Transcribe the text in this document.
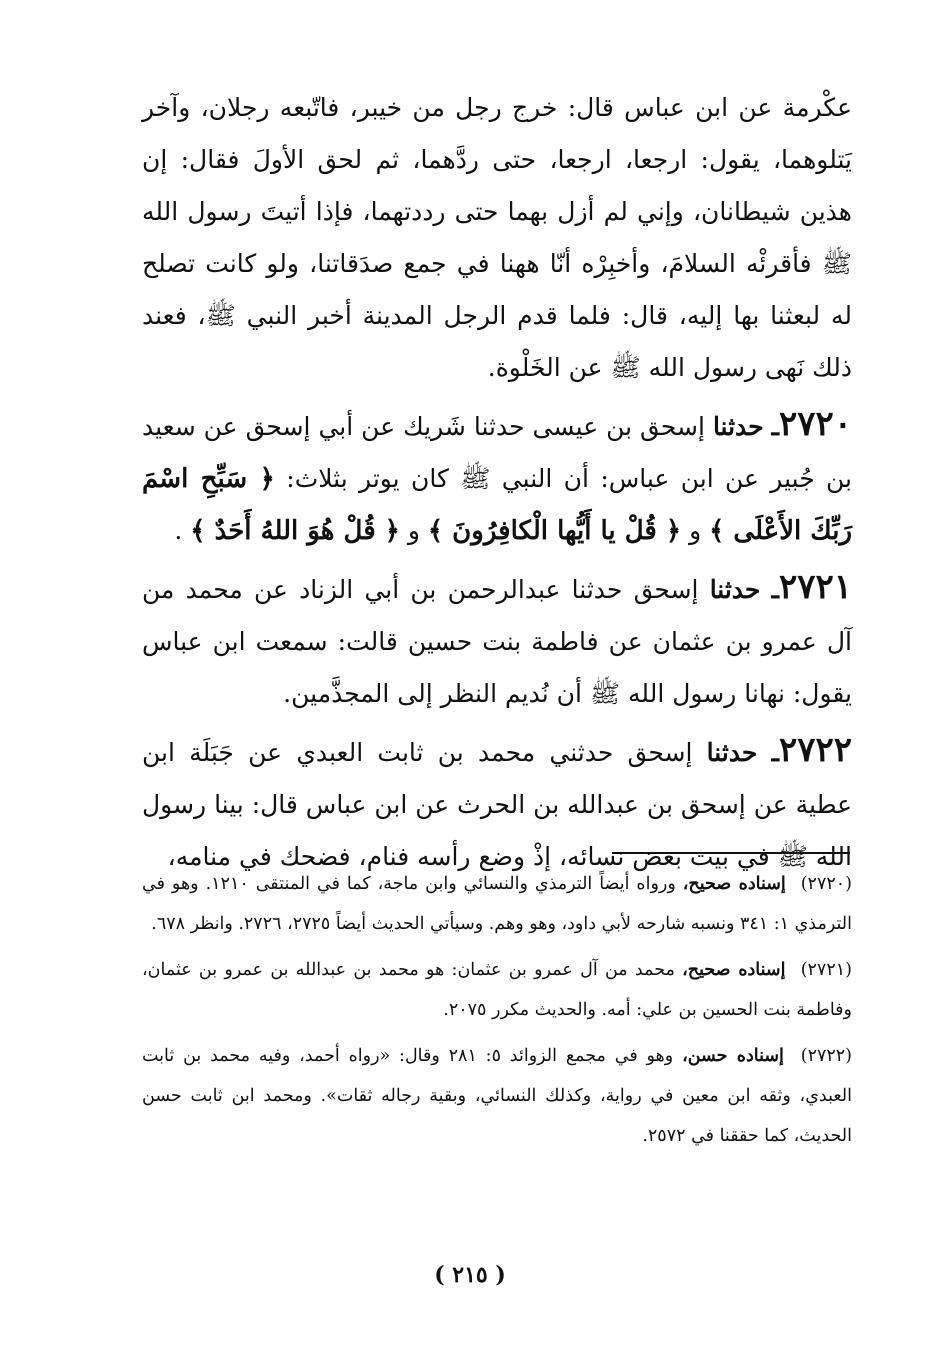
عكْرمة عن ابن عباس قال: خرج رجل من خيبر، فاتّبعه رجلان، وآخر يَتلوهما، يقول: ارجعا، ارجعا، حتى ردَّهما، ثم لحق الأولَ فقال: إن هذين شيطانان، وإني لم أزل بهما حتى رددتهما، فإذا أتيتَ رسول الله ﷺ فأقرئْه السلامَ، وأخبِرْه أنّا ههنا في جمع صدَقاتنا، ولو كانت تصلح له لبعثنا بها إليه، قال: فلما قدم الرجل المدينة أخبر النبي ﷺ، فعند ذلك نَهى رسول الله ﷺ عن الخَلْوة.

٢٧٢٠ـ حدثنا إسحق بن عيسى حدثنا شَريك عن أبي إسحق عن سعيد بن جُبير عن ابن عباس: أن النبي ﷺ كان يوتر بثلاث: ﴿ سَبِّحِ اسْمَ رَبِّكَ الأَعْلَى ﴾ و ﴿ قُلْ يا أَيُّها الْكافِرُونَ ﴾ و ﴿ قُلْ هُوَ اللهُ أَحَدٌ ﴾ .

٢٧٢١ـ حدثنا إسحق حدثنا عبدالرحمن بن أبي الزناد عن محمد من آل عمرو بن عثمان عن فاطمة بنت حسين قالت: سمعت ابن عباس يقول: نهانا رسول الله ﷺ أن نُديم النظر إلى المجذَّمين.

٢٧٢٢ـ حدثنا إسحق حدثني محمد بن ثابت العبدي عن جَبَلَة ابن عطية عن إسحق بن عبدالله بن الحرث عن ابن عباس قال: بينا رسول الله ﷺ في بيت بعض نسائه، إذْ وضع رأسه فنام، فضحك في منامه،

(٢٧٢٠) إسناده صحيح، ورواه أيضاً الترمذي والنسائي وابن ماجة، كما في المنتقى ١٢١٠. وهو في الترمذي ١: ٣٤١ ونسبه شارحه لأبي داود، وهو وهم. وسيأتي الحديث أيضاً ٢٧٢٥، ٢٧٢٦. وانظر ٦٧٨.

(٢٧٢١) إسناده صحيح، محمد من آل عمرو بن عثمان: هو محمد بن عبدالله بن عمرو بن عثمان، وفاطمة بنت الحسين بن علي: أمه. والحديث مكرر ٢٠٧٥.

(٢٧٢٢) إسناده حسن، وهو في مجمع الزوائد ٥: ٢٨١ وقال: «رواه أحمد، وفيه محمد بن ثابت العبدي، وثقه ابن معين في رواية، وكذلك النسائي، وبقية رجاله ثقات». ومحمد ابن ثابت حسن الحديث، كما حققنا في ٢٥٧٢.

( ٢١٥ )
